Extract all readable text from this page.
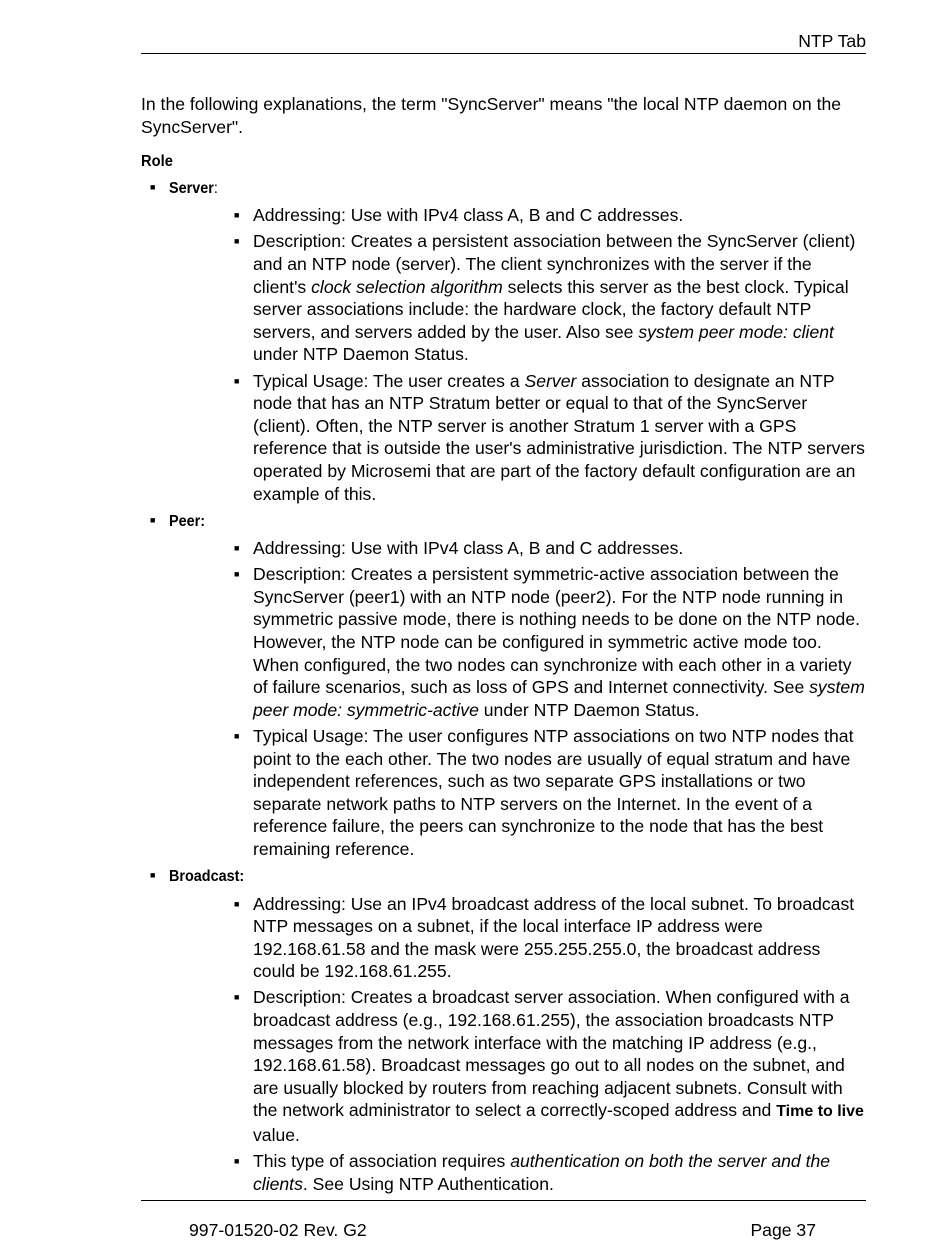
NTP Tab

In the following explanations, the term "SyncServer" means "the local NTP daemon on the SyncServer".

Role
■ Server:
■ Addressing: Use with IPv4 class A, B and C addresses.
■ Description: Creates a persistent association between the SyncServer (client) and an NTP node (server). The client synchronizes with the server if the client's clock selection algorithm selects this server as the best clock. Typical server associations include: the hardware clock, the factory default NTP servers, and servers added by the user. Also see system peer mode: client under NTP Daemon Status.
■ Typical Usage: The user creates a Server association to designate an NTP node that has an NTP Stratum better or equal to that of the SyncServer (client). Often, the NTP server is another Stratum 1 server with a GPS reference that is outside the user's administrative jurisdiction. The NTP servers operated by Microsemi that are part of the factory default configuration are an example of this.
■ Peer:
■ Addressing: Use with IPv4 class A, B and C addresses.
■ Description: Creates a persistent symmetric-active association between the SyncServer (peer1) with an NTP node (peer2). For the NTP node running in symmetric passive mode, there is nothing needs to be done on the NTP node. However, the NTP node can be configured in symmetric active mode too. When configured, the two nodes can synchronize with each other in a variety of failure scenarios, such as loss of GPS and Internet connectivity. See system peer mode: symmetric-active under NTP Daemon Status.
■ Typical Usage: The user configures NTP associations on two NTP nodes that point to the each other. The two nodes are usually of equal stratum and have independent references, such as two separate GPS installations or two separate network paths to NTP servers on the Internet. In the event of a reference failure, the peers can synchronize to the node that has the best remaining reference.
■ Broadcast:
■ Addressing: Use an IPv4 broadcast address of the local subnet. To broadcast NTP messages on a subnet, if the local interface IP address were 192.168.61.58 and the mask were 255.255.255.0, the broadcast address could be 192.168.61.255.
■ Description: Creates a broadcast server association. When configured with a broadcast address (e.g., 192.168.61.255), the association broadcasts NTP messages from the network interface with the matching IP address (e.g., 192.168.61.58). Broadcast messages go out to all nodes on the subnet, and are usually blocked by routers from reaching adjacent subnets. Consult with the network administrator to select a correctly-scoped address and Time to live value.
■ This type of association requires authentication on both the server and the clients. See Using NTP Authentication.
997-01520-02 Rev. G2	Page 37
